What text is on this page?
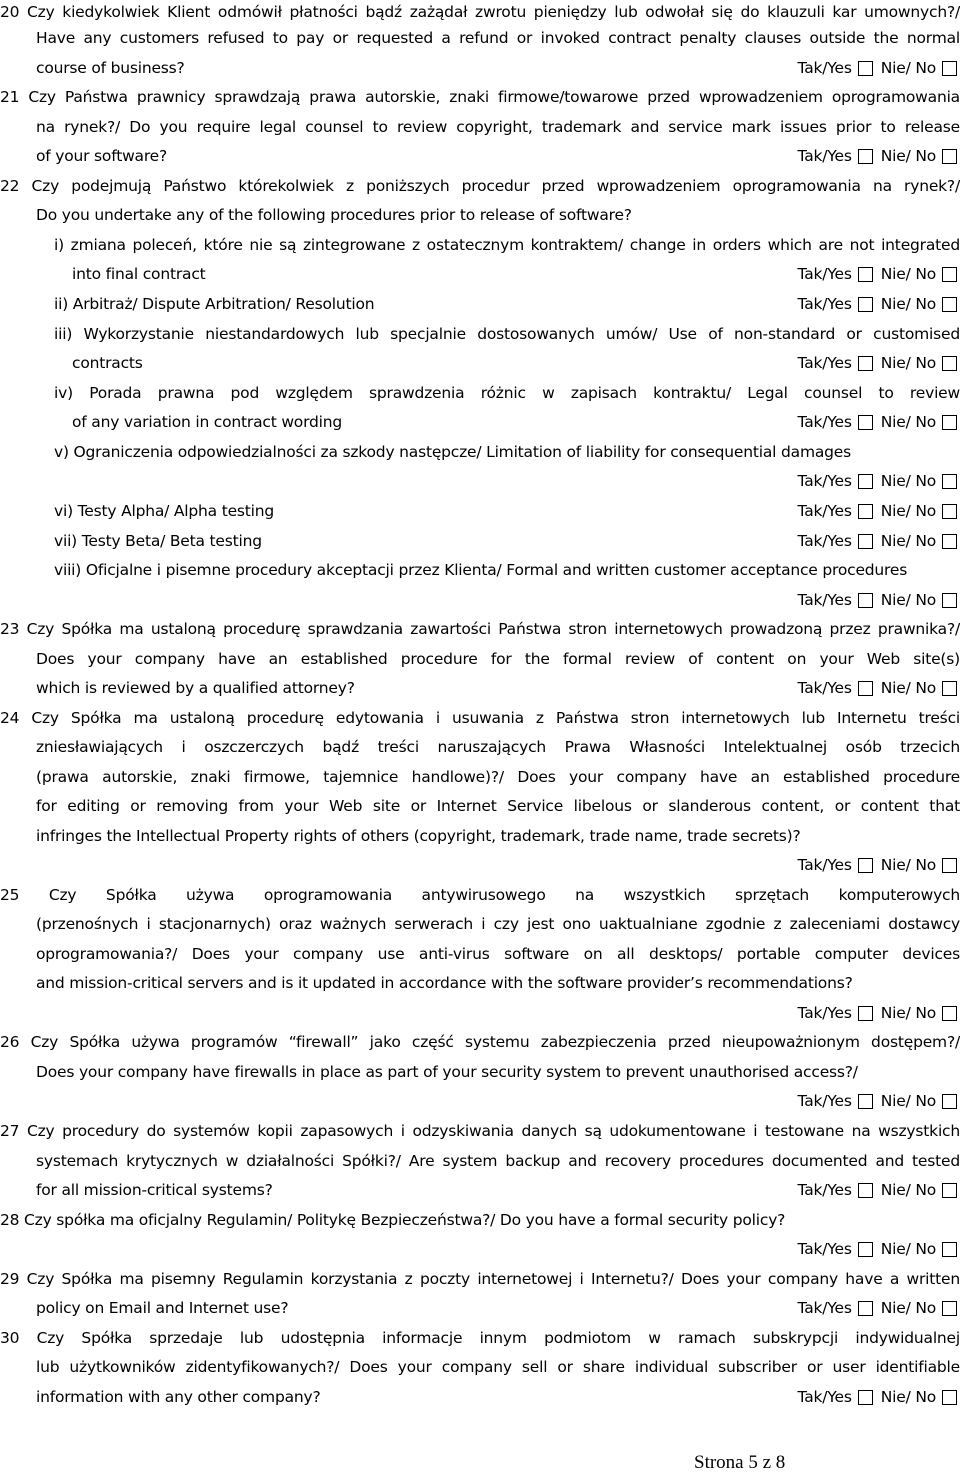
20 Czy kiedykolwiek Klient odmówił płatności bądź zażądał zwrotu pieniędzy lub odwołał się do klauzuli kar umownych?/
Have any customers refused to pay or requested a refund or invoked contract penalty clauses outside the normal
course of business?	Tak/Yes Nie/ No
21 Czy Państwa prawnicy sprawdzają prawa autorskie, znaki firmowe/towarowe przed wprowadzeniem oprogramowania
na rynek?/ Do you require legal counsel to review copyright, trademark and service mark issues prior to release
of your software?	Tak/Yes Nie/ No
22 Czy podejmują Państwo którekolwiek z poniższych procedur przed wprowadzeniem oprogramowania na rynek?/
Do you undertake any of the following procedures prior to release of software?
i) zmiana poleceń, które nie są zintegrowane z ostatecznym kontraktem/ change in orders which are not integrated
into final contract	Tak/Yes Nie/ No
ii) Arbitraż/ Dispute Arbitration/ Resolution	Tak/Yes Nie/ No
iii) Wykorzystanie niestandardowych lub specjalnie dostosowanych umów/ Use of non-standard or customised
contracts	Tak/Yes Nie/ No
iv) Porada prawna pod względem sprawdzenia różnic w zapisach kontraktu/ Legal counsel to review
of any variation in contract wording	Tak/Yes Nie/ No
v) Ograniczenia odpowiedzialności za szkody następcze/ Limitation of liability for consequential damages
Tak/Yes Nie/ No
vi) Testy Alpha/ Alpha testing	Tak/Yes Nie/ No
vii) Testy Beta/ Beta testing	Tak/Yes Nie/ No
viii) Oficjalne i pisemne procedury akceptacji przez Klienta/ Formal and written customer acceptance procedures
Tak/Yes Nie/ No
23 Czy Spółka ma ustaloną procedurę sprawdzania zawartości Państwa stron internetowych prowadzoną przez prawnika?/
Does your company have an established procedure for the formal review of content on your Web site(s)
which is reviewed by a qualified attorney?	Tak/Yes Nie/ No
24 Czy Spółka ma ustaloną procedurę edytowania i usuwania z Państwa stron internetowych lub Internetu treści
zniesławiających i oszczerczych bądź treści naruszających Prawa Własności Intelektualnej osób trzecich
(prawa autorskie, znaki firmowe, tajemnice handlowe)?/ Does your company have an established procedure
for editing or removing from your Web site or Internet Service libelous or slanderous content, or content that
infringes the Intellectual Property rights of others (copyright, trademark, trade name, trade secrets)?
Tak/Yes Nie/ No
25 Czy Spółka używa oprogramowania antywirusowego na wszystkich sprzętach komputerowych
(przenośnych i stacjonarnych) oraz ważnych serwerach i czy jest ono uaktualniane zgodnie z zaleceniami dostawcy
oprogramowania?/ Does your company use anti-virus software on all desktops/ portable computer devices
and mission-critical servers and is it updated in accordance with the software provider’s recommendations?
Tak/Yes Nie/ No
26 Czy Spółka używa programów “firewall” jako część systemu zabezpieczenia przed nieupoważnionym dostępem?/
Does your company have firewalls in place as part of your security system to prevent unauthorised access?/
Tak/Yes Nie/ No
27 Czy procedury do systemów kopii zapasowych i odzyskiwania danych są udokumentowane i testowane na wszystkich
systemach krytycznych w działalności Spółki?/ Are system backup and recovery procedures documented and tested
for all mission-critical systems?	Tak/Yes Nie/ No
28 Czy spółka ma oficjalny Regulamin/ Politykę Bezpieczeństwa?/ Do you have a formal security policy?
Tak/Yes Nie/ No
29 Czy Spółka ma pisemny Regulamin korzystania z poczty internetowej i Internetu?/ Does your company have a written
policy on Email and Internet use?	Tak/Yes Nie/ No
30 Czy Spółka sprzedaje lub udostępnia informacje innym podmiotom w ramach subskrypcji indywidualnej
lub użytkowników zidentyfikowanych?/ Does your company sell or share individual subscriber or user identifiable
information with any other company?	Tak/Yes Nie/ No
Strona 5 z 8
